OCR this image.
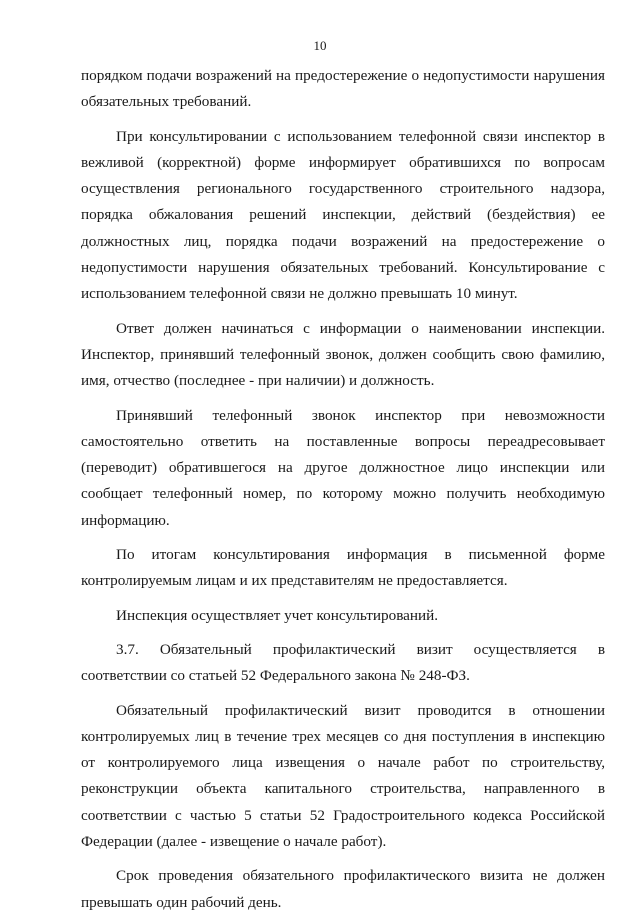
10

порядком подачи возражений на предостережение о недопустимости нарушения обязательных требований.

При консультировании с использованием телефонной связи инспектор в вежливой (корректной) форме информирует обратившихся по вопросам осуществления регионального государственного строительного надзора, порядка обжалования решений инспекции, действий (бездействия) ее должностных лиц, порядка подачи возражений на предостережение о недопустимости нарушения обязательных требований. Консультирование с использованием телефонной связи не должно превышать 10 минут.

Ответ должен начинаться с информации о наименовании инспекции. Инспектор, принявший телефонный звонок, должен сообщить свою фамилию, имя, отчество (последнее - при наличии) и должность.

Принявший телефонный звонок инспектор при невозможности самостоятельно ответить на поставленные вопросы переадресовывает (переводит) обратившегося на другое должностное лицо инспекции или сообщает телефонный номер, по которому можно получить необходимую информацию.

По итогам консультирования информация в письменной форме контролируемым лицам и их представителям не предоставляется.

Инспекция осуществляет учет консультирований.

3.7. Обязательный профилактический визит осуществляется в соответствии со статьей 52 Федерального закона № 248-ФЗ.

Обязательный профилактический визит проводится в отношении контролируемых лиц в течение трех месяцев со дня поступления в инспекцию от контролируемого лица извещения о начале работ по строительству, реконструкции объекта капитального строительства, направленного в соответствии с частью 5 статьи 52 Градостроительного кодекса Российской Федерации (далее - извещение о начале работ).

Срок проведения обязательного профилактического визита не должен превышать один рабочий день.
